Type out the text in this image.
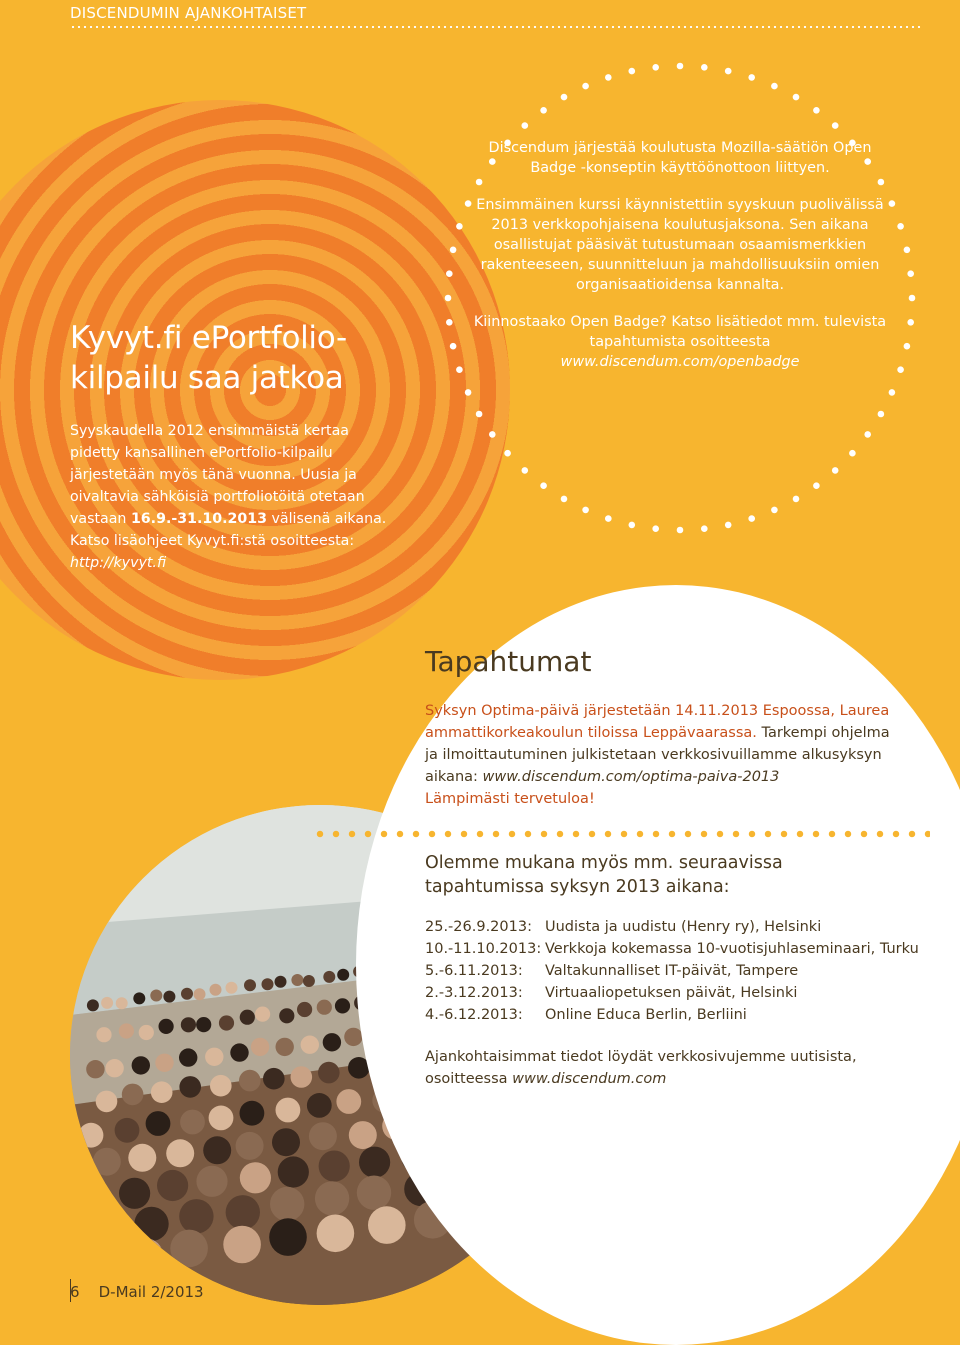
DISCENDUMIN AJANKOHTAISET
Kyvyt.fi ePortfolio-
kilpailu saa jatkoa
Syyskaudella 2012 ensimmäistä kertaa pidetty kansallinen ePortfolio-kilpailu järjestetään myös tänä vuonna. Uusia ja oivaltavia sähköisiä portfoliotöitä otetaan vastaan 16.9.-31.10.2013 välisenä aikana. Katso lisäohjeet Kyvyt.fi:stä osoitteesta:
http://kyvyt.fi

Discendum järjestää koulutusta Mozilla-säätiön Open Badge -konseptin käyttöönottoon liittyen.

Ensimmäinen kurssi käynnistettiin syyskuun puolivälissä 2013 verkkopohjaisena koulutusjaksona. Sen aikana osallistujat pääsivät tutustumaan osaamismerkkien rakenteeseen, suunnitteluun ja mahdollisuuksiin omien organisaatioidensa kannalta.

Kiinnostaako Open Badge? Katso lisätiedot mm. tulevista tapahtumista osoitteesta
www.discendum.com/openbadge

Tapahtumat
Syksyn Optima-päivä järjestetään 14.11.2013 Espoossa, Laurea ammattikorkeakoulun tiloissa Leppävaarassa. Tarkempi ohjelma ja ilmoittautuminen julkistetaan verkkosivuillamme alkusyksyn aikana: www.discendum.com/optima-paiva-2013
Lämpimästi tervetuloa!
Olemme mukana myös mm. seuraavissa tapahtumissa syksyn 2013 aikana:
25.-26.9.2013: Uudista ja uudistu (Henry ry), Helsinki
10.-11.10.2013: Verkkoja kokemassa 10-vuotisjuhlaseminaari, Turku
5.-6.11.2013:	Valtakunnalliset IT-päivät, Tampere
2.-3.12.2013:	Virtuaaliopetuksen päivät, Helsinki
4.-6.12.2013:	Online Educa Berlin, Berliini
Ajankohtaisimmat tiedot löydät verkkosivujemme uutisista, osoitteessa www.discendum.com
6 D-Mail 2/2013
